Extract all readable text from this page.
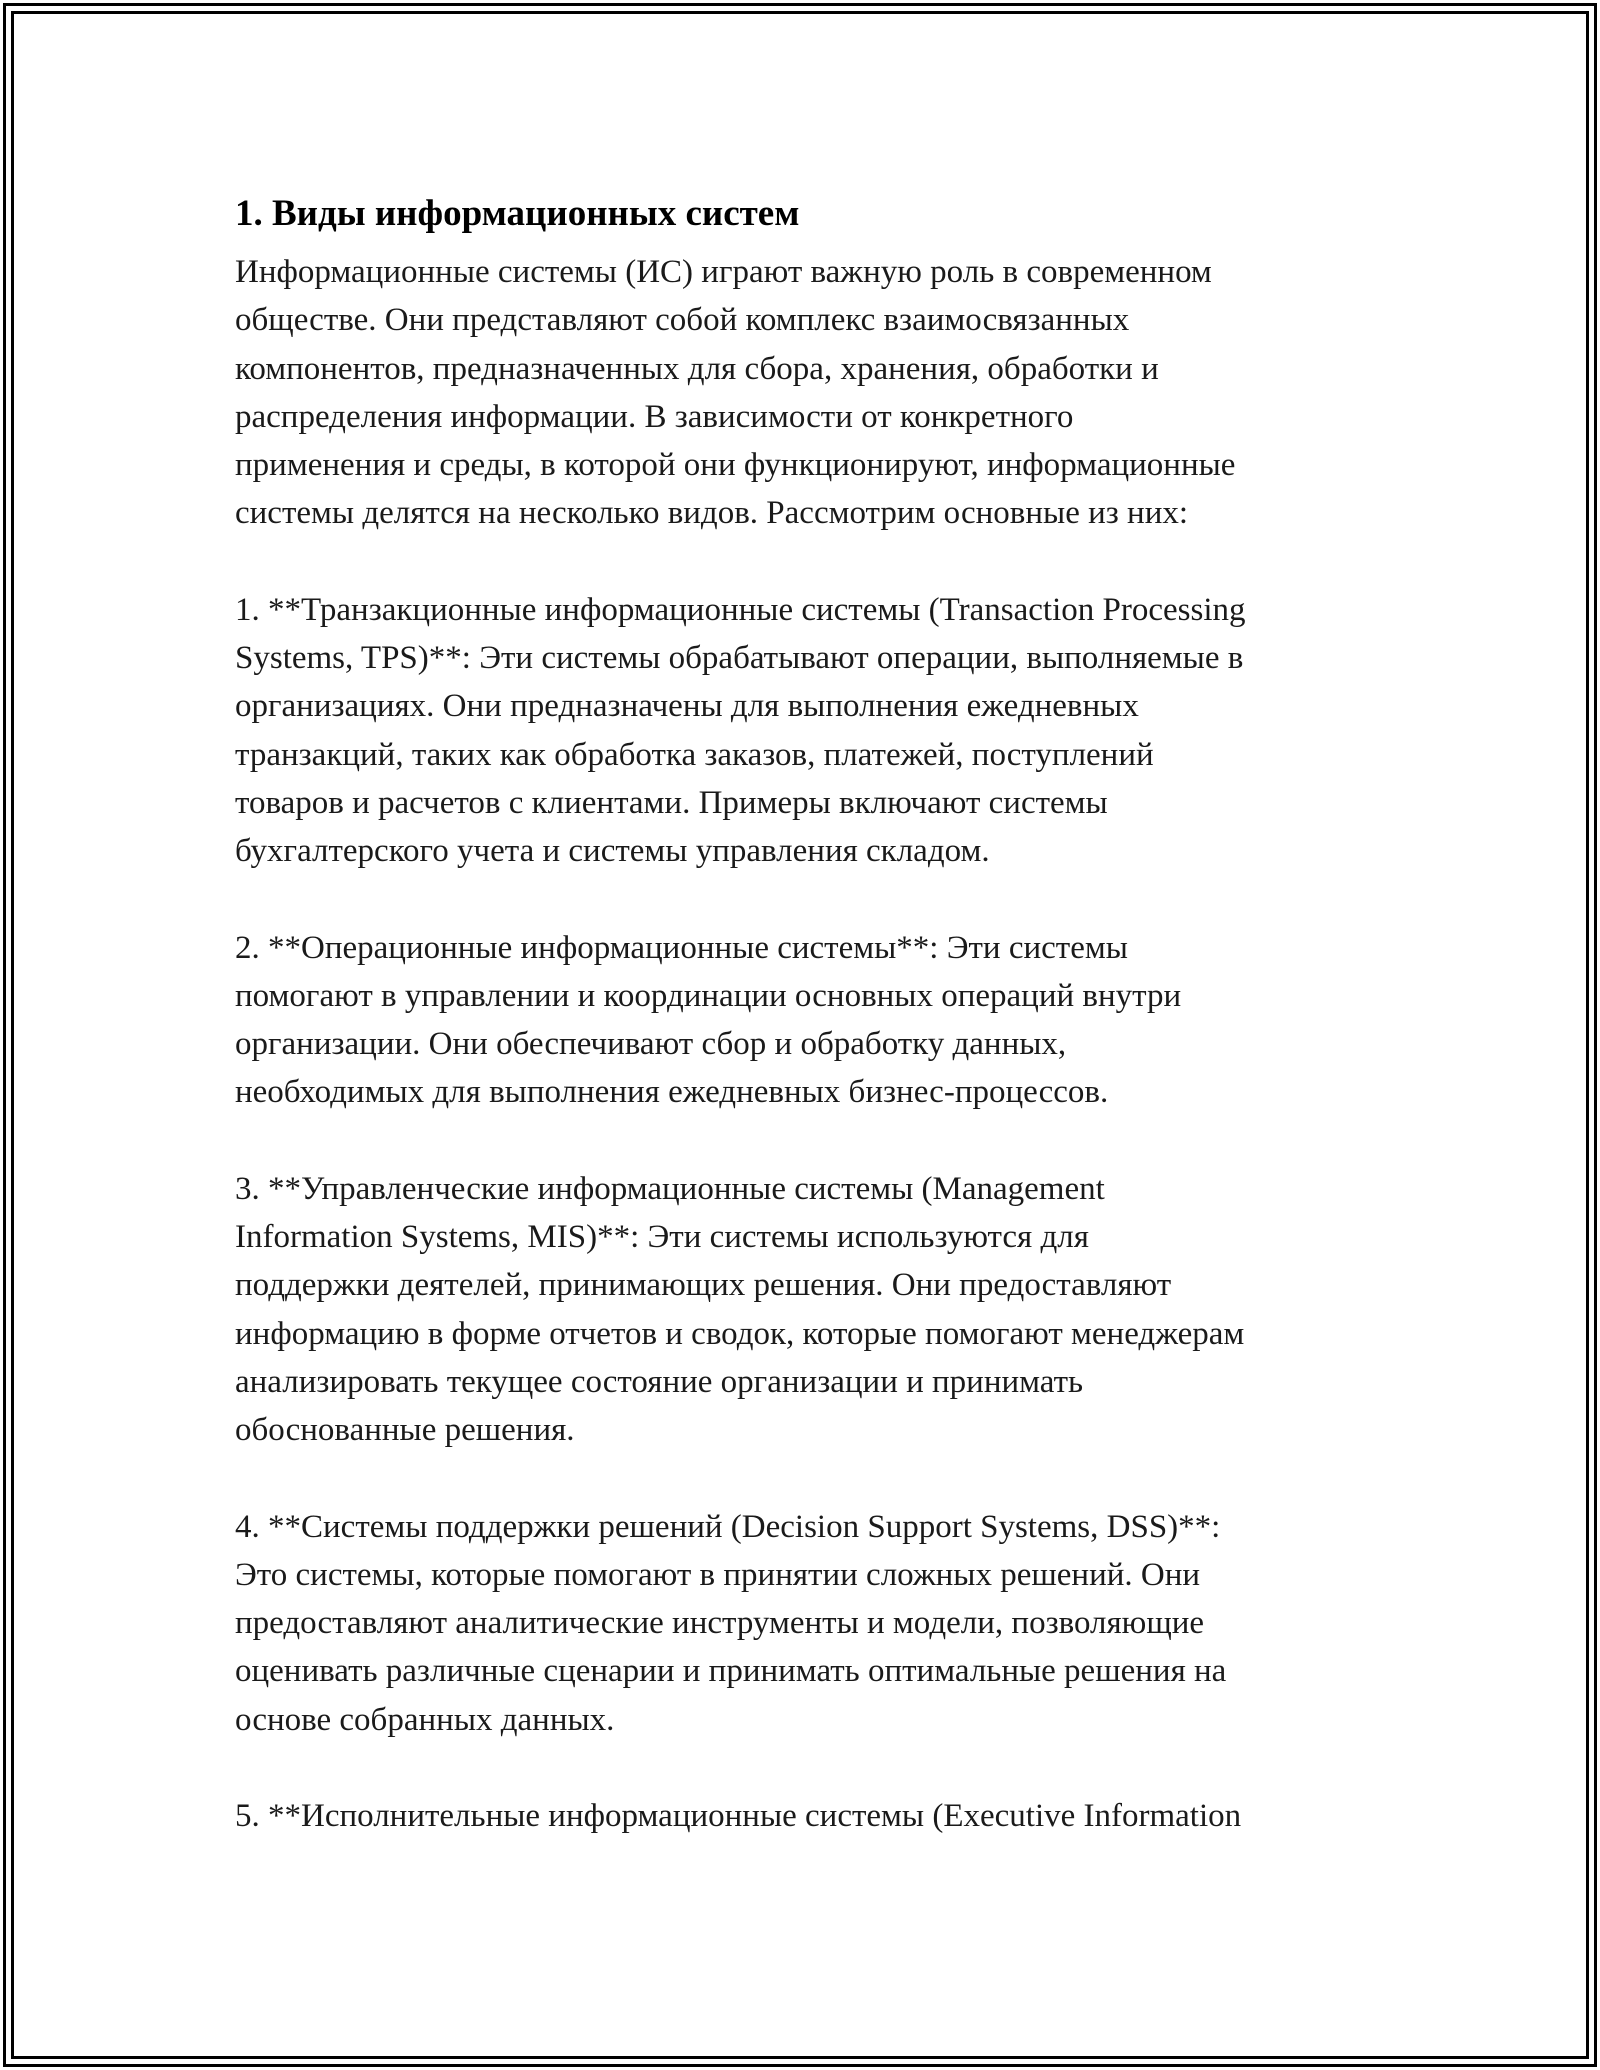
1. Виды информационных систем

Информационные системы (ИС) играют важную роль в современном
обществе. Они представляют собой комплекс взаимосвязанных
компонентов, предназначенных для сбора, хранения, обработки и
распределения информации. В зависимости от конкретного
применения и среды, в которой они функционируют, информационные
системы делятся на несколько видов. Рассмотрим основные из них:

1. **Транзакционные информационные системы (Transaction Processing
Systems, TPS)**: Эти системы обрабатывают операции, выполняемые в
организациях. Они предназначены для выполнения ежедневных
транзакций, таких как обработка заказов, платежей, поступлений
товаров и расчетов с клиентами. Примеры включают системы
бухгалтерского учета и системы управления складом.

2. **Операционные информационные системы**: Эти системы
помогают в управлении и координации основных операций внутри
организации. Они обеспечивают сбор и обработку данных,
необходимых для выполнения ежедневных бизнес-процессов.

3. **Управленческие информационные системы (Management
Information Systems, MIS)**: Эти системы используются для
поддержки деятелей, принимающих решения. Они предоставляют
информацию в форме отчетов и сводок, которые помогают менеджерам
анализировать текущее состояние организации и принимать
обоснованные решения.

4. **Системы поддержки решений (Decision Support Systems, DSS)**:
Это системы, которые помогают в принятии сложных решений. Они
предоставляют аналитические инструменты и модели, позволяющие
оценивать различные сценарии и принимать оптимальные решения на
основе собранных данных.

5. **Исполнительные информационные системы (Executive Information
